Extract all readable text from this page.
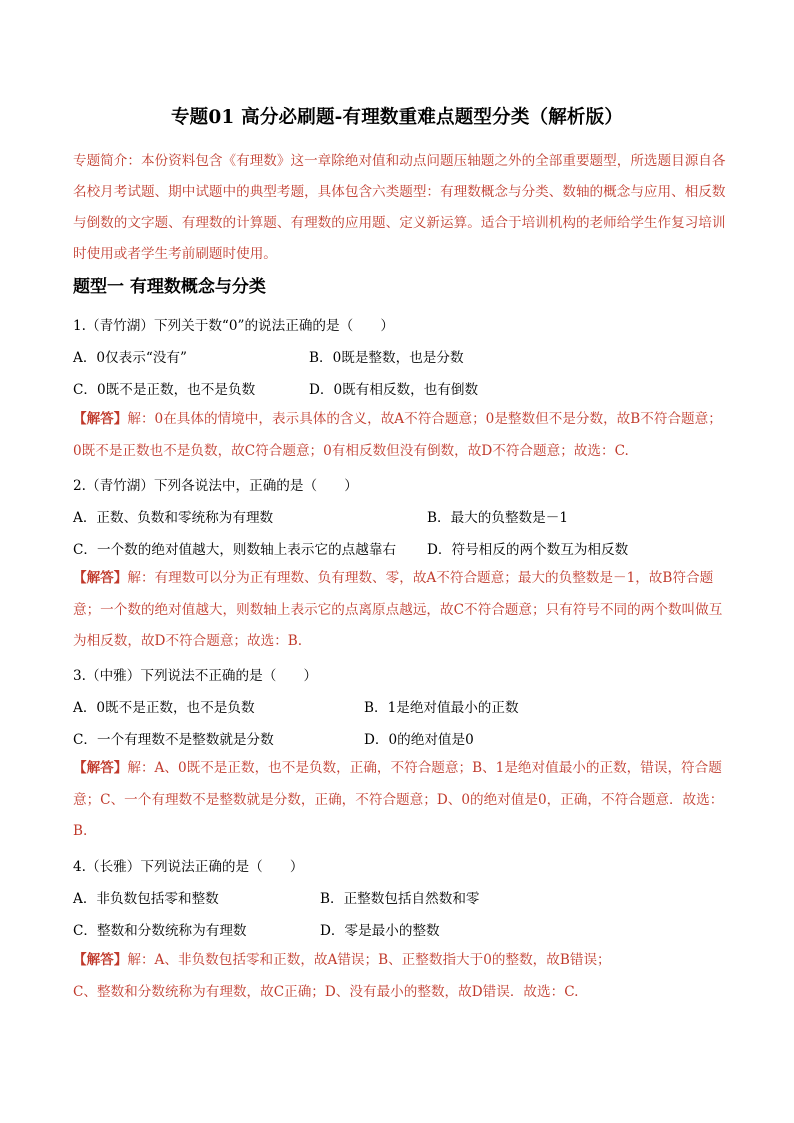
专题01 高分必刷题-有理数重难点题型分类（解析版）
专题简介：本份资料包含《有理数》这一章除绝对值和动点问题压轴题之外的全部重要题型，所选题目源自各名校月考试题、期中试题中的典型考题，具体包含六类题型：有理数概念与分类、数轴的概念与应用、相反数与倒数的文字题、有理数的计算题、有理数的应用题、定义新运算。适合于培训机构的老师给学生作复习培训时使用或者学生考前刷题时使用。
题型一 有理数概念与分类
1.（青竹湖）下列关于数“0”的说法正确的是（　　）
A．0仅表示“没有”	B．0既是整数，也是分数
C．0既不是正数，也不是负数	D．0既有相反数，也有倒数
【解答】解：0在具体的情境中，表示具体的含义，故A不符合题意；0是整数但不是分数，故B不符合题意；0既不是正数也不是负数，故C符合题意；0有相反数但没有倒数，故D不符合题意；故选：C.
2.（青竹湖）下列各说法中，正确的是（　　）
A．正数、负数和零统称为有理数	B．最大的负整数是－1
C．一个数的绝对值越大，则数轴上表示它的点越靠右 D．符号相反的两个数互为相反数
【解答】解：有理数可以分为正有理数、负有理数、零，故A不符合题意；最大的负整数是－1，故B符合题意；一个数的绝对值越大，则数轴上表示它的点离原点越远，故C不符合题意；只有符号不同的两个数叫做互为相反数，故D不符合题意；故选：B.
3.（中雅）下列说法不正确的是（　　）
A．0既不是正数，也不是负数	B．1是绝对值最小的正数
C．一个有理数不是整数就是分数	D．0的绝对值是0
【解答】解：A、0既不是正数，也不是负数，正确，不符合题意；B、1是绝对值最小的正数，错误，符合题意；C、一个有理数不是整数就是分数，正确，不符合题意；D、0的绝对值是0，正确，不符合题意．故选：B.
4.（长雅）下列说法正确的是（　　）
A．非负数包括零和整数	B．正整数包括自然数和零
C．整数和分数统称为有理数	D．零是最小的整数
【解答】解：A、非负数包括零和正数，故A错误；B、正整数指大于0的整数，故B错误；
C、整数和分数统称为有理数，故C正确；D、没有最小的整数，故D错误．故选：C.
